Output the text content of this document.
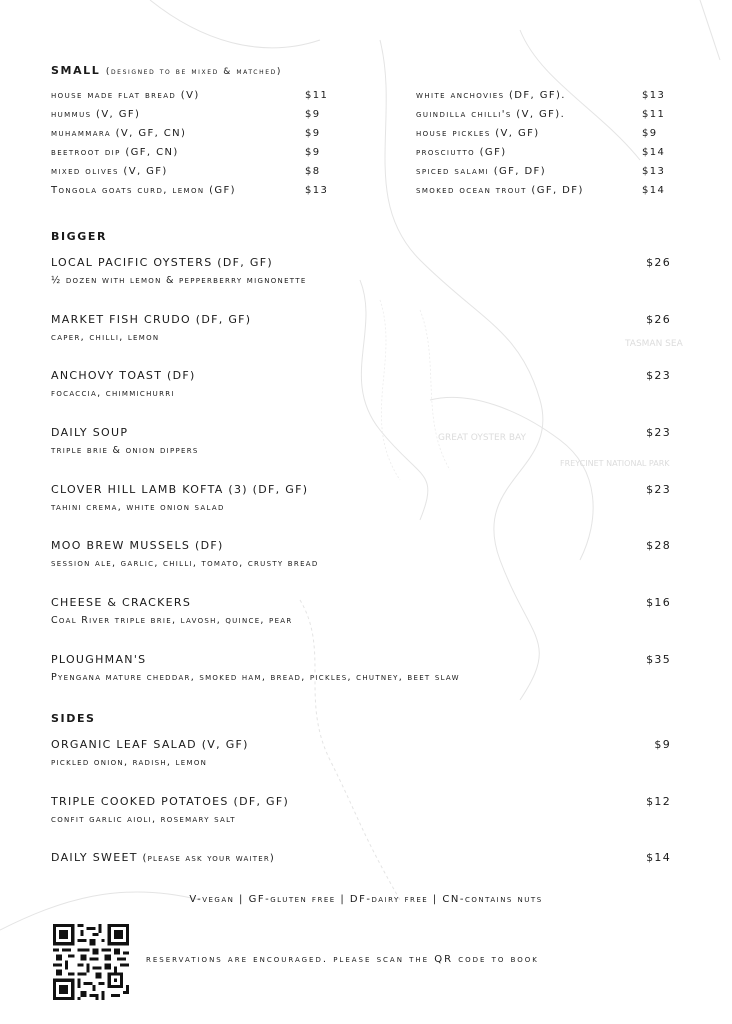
TASMAN SEA
GREAT OYSTER BAY
FREYCINET NATIONAL PARK
SMALL (designed to be mixed & matched)
house made flat bread (V)	$11
hummus (V, GF)	$9
muhammara (V, GF, CN)	$9
beetroot dip (GF, CN)	$9
mixed olives (V, GF)	$8
Tongola goats curd, lemon (GF)	$13
white anchovies (DF, GF).	$13
guindilla chilli's (V, GF).	$11
house pickles (V, GF)	$9
prosciutto (GF)	$14
spiced salami (GF, DF)	$13
smoked ocean trout (GF, DF)	$14
BIGGER
LOCAL PACIFIC OYSTERS (DF, GF)
½ dozen with lemon & pepperberry mignonette
$26
MARKET FISH CRUDO (DF, GF)
caper, chilli, lemon
$26
ANCHOVY TOAST (DF)
focaccia, chimmichurri
$23
DAILY SOUP
triple brie & onion dippers
$23
CLOVER HILL LAMB KOFTA (3) (DF, GF)
tahini crema, white onion salad
$23
MOO BREW MUSSELS (DF)
session ale, garlic, chilli, tomato, crusty bread
$28
CHEESE & CRACKERS
Coal River triple brie, lavosh, quince, pear
$16
PLOUGHMAN'S
Pyengana mature cheddar, smoked ham, bread, pickles, chutney, beet slaw
$35
SIDES
ORGANIC LEAF SALAD (V, GF)
pickled onion, radish, lemon
$9
TRIPLE COOKED POTATOES (DF, GF)
confit garlic aioli, rosemary salt
$12
DAILY SWEET (please ask your waiter)	$14
V-vegan | GF-gluten free | DF-dairy free | CN-contains nuts
reservations are encouraged. please scan the QR code to book
